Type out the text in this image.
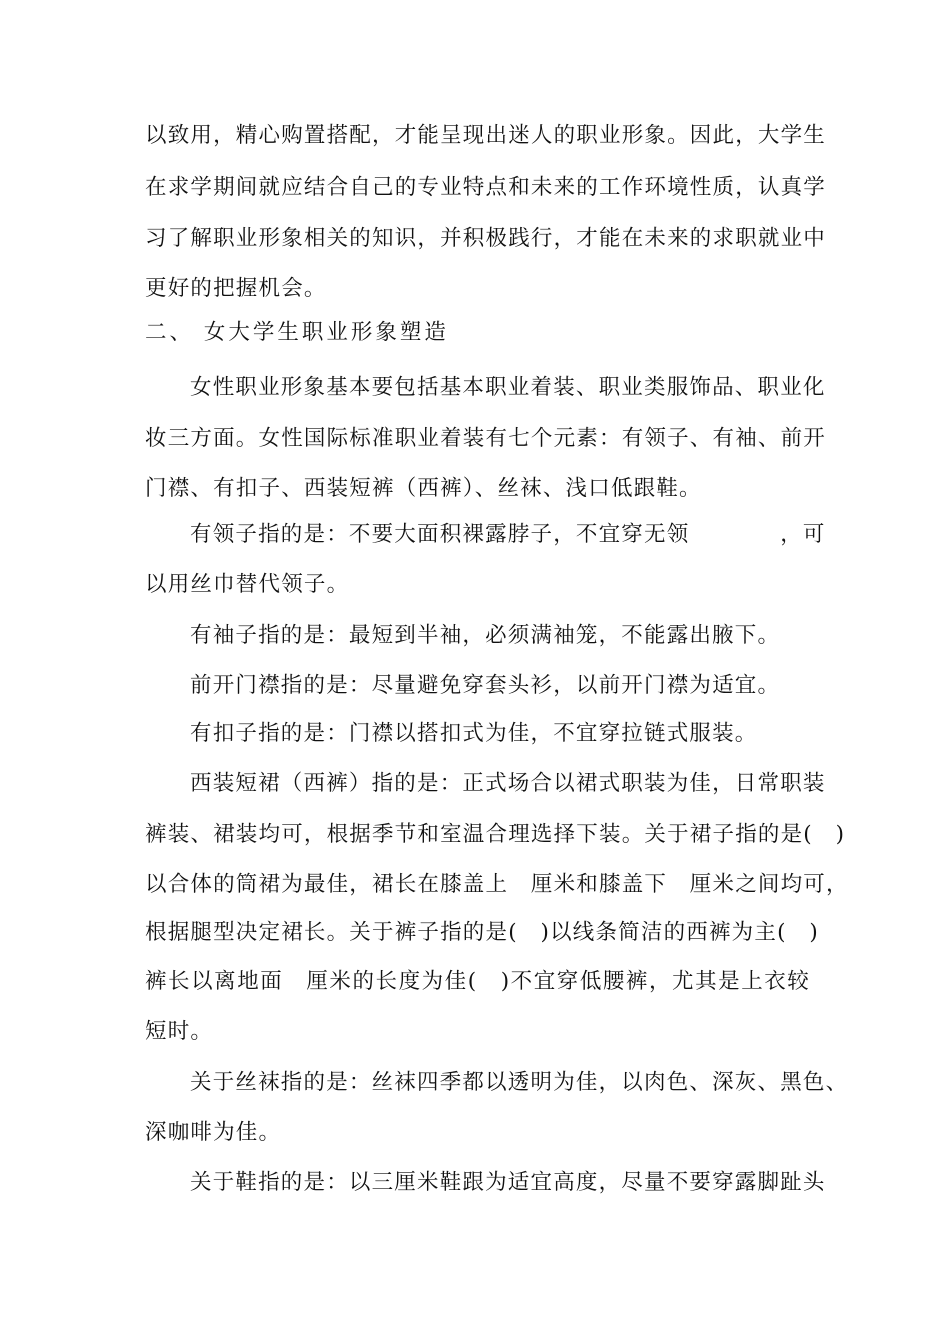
以致用，精心购置搭配，才能呈现出迷人的职业形象。因此，大学生
在求学期间就应结合自己的专业特点和未来的工作环境性质，认真学
习了解职业形象相关的知识，并积极践行，才能在未来的求职就业中
更好的把握机会。
二、 女大学生职业形象塑造
女性职业形象基本要包括基本职业着装、职业类服饰品、职业化
妆三方面。女性国际标准职业着装有七个元素：有领子、有袖、前开
门襟、有扣子、西装短裤（西裤）、丝袜、浅口低跟鞋。
有领子指的是：不要大面积裸露脖子，不宜穿无领　　　　，可
以用丝巾替代领子。
有袖子指的是：最短到半袖，必须满袖笼，不能露出腋下。
前开门襟指的是：尽量避免穿套头衫，以前开门襟为适宜。
有扣子指的是：门襟以搭扣式为佳，不宜穿拉链式服装。
西装短裙（西裤）指的是：正式场合以裙式职装为佳，日常职装
裤装、裙装均可，根据季节和室温合理选择下装。关于裙子指的是(　)
以合体的筒裙为最佳，裙长在膝盖上　厘米和膝盖下　厘米之间均可，
根据腿型决定裙长。关于裤子指的是(　)以线条简洁的西裤为主(　)
裤长以离地面　厘米的长度为佳(　)不宜穿低腰裤，尤其是上衣较
短时。
关于丝袜指的是：丝袜四季都以透明为佳，以肉色、深灰、黑色、
深咖啡为佳。
关于鞋指的是：以三厘米鞋跟为适宜高度，尽量不要穿露脚趾头
